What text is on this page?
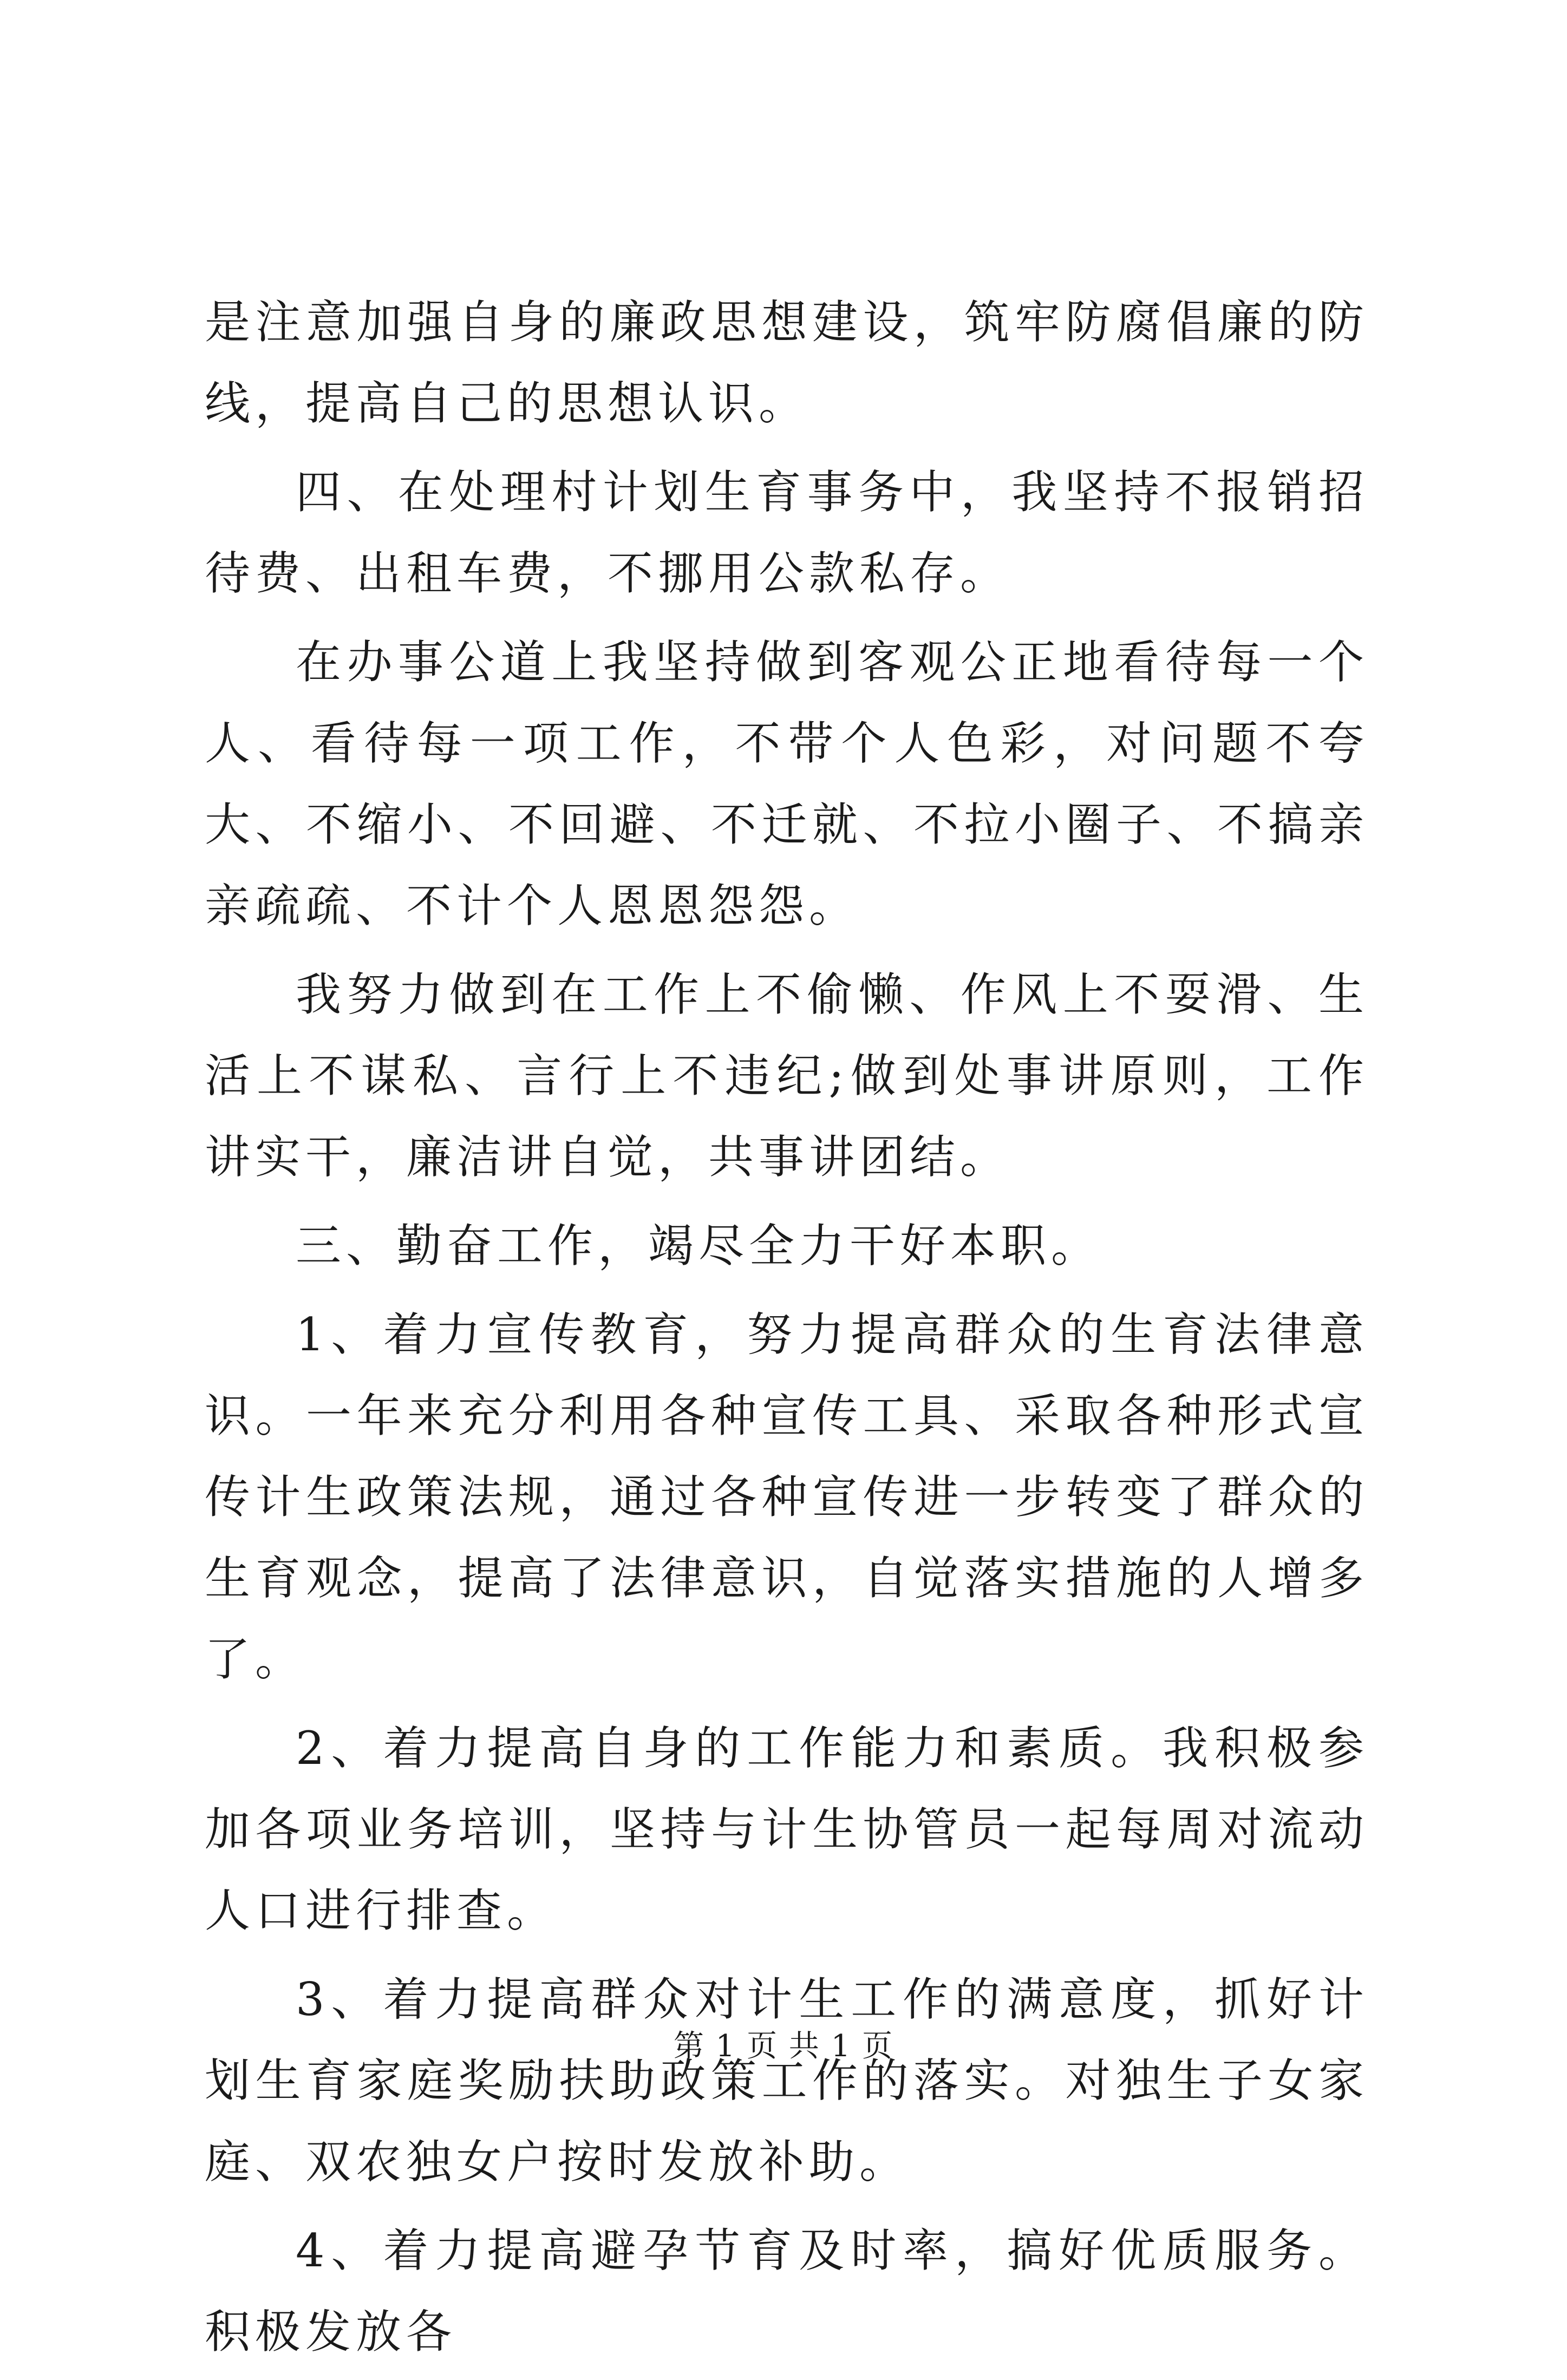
是注意加强自身的廉政思想建设，筑牢防腐倡廉的防线，提高自己的思想认识。

四、在处理村计划生育事务中，我坚持不报销招待费、出租车费，不挪用公款私存。

在办事公道上我坚持做到客观公正地看待每一个人、看待每一项工作，不带个人色彩，对问题不夸大、不缩小、不回避、不迁就、不拉小圈子、不搞亲亲疏疏、不计个人恩恩怨怨。

我努力做到在工作上不偷懒、作风上不耍滑、生活上不谋私、言行上不违纪;做到处事讲原则，工作讲实干，廉洁讲自觉，共事讲团结。

三、勤奋工作，竭尽全力干好本职。

1、着力宣传教育，努力提高群众的生育法律意识。一年来充分利用各种宣传工具、采取各种形式宣传计生政策法规，通过各种宣传进一步转变了群众的生育观念，提高了法律意识，自觉落实措施的人增多了。

2、着力提高自身的工作能力和素质。我积极参加各项业务培训，坚持与计生协管员一起每周对流动人口进行排查。

3、着力提高群众对计生工作的满意度，抓好计划生育家庭奖励扶助政策工作的落实。对独生子女家庭、双农独女户按时发放补助。

4、着力提高避孕节育及时率，搞好优质服务。积极发放各

第 1 页 共 1 页
